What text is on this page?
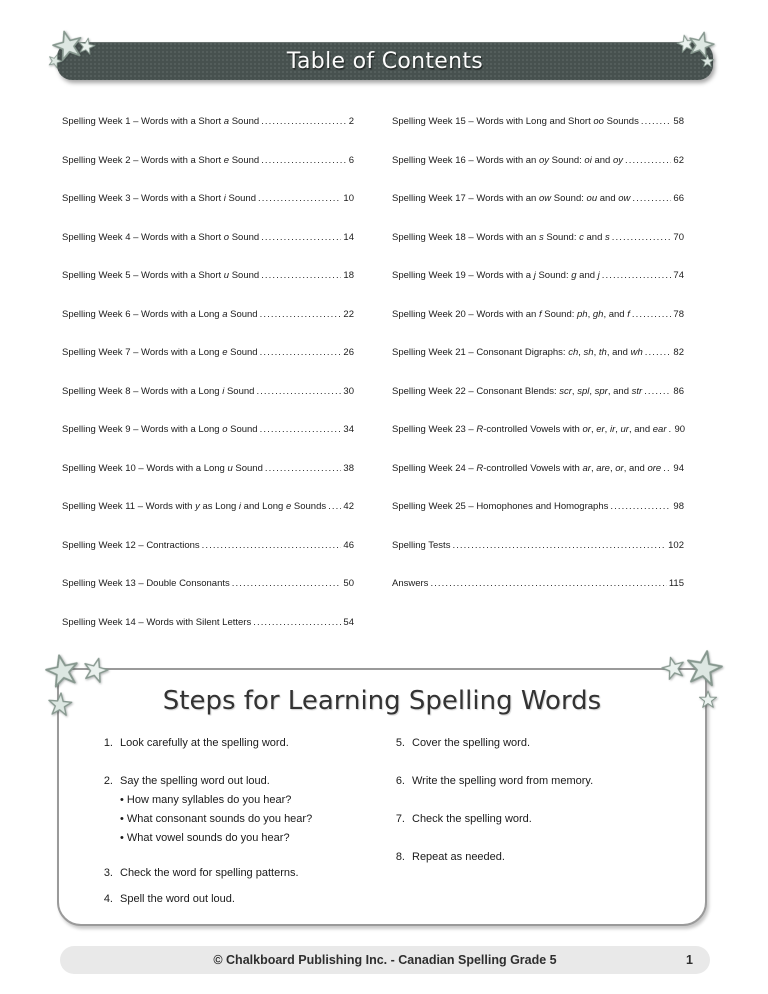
Table of Contents
Spelling Week 1 – Words with a Short a Sound .....	2
Spelling Week 2 – Words with a Short e Sound .....	6
Spelling Week 3 – Words with a Short i Sound .....	10
Spelling Week 4 – Words with a Short o Sound .....	14
Spelling Week 5 – Words with a Short u Sound .....	18
Spelling Week 6 – Words with a Long a Sound .....	22
Spelling Week 7 – Words with a Long e Sound .....	26
Spelling Week 8 – Words with a Long i Sound .....	30
Spelling Week 9 – Words with a Long o Sound .....	34
Spelling Week 10 – Words with a Long u Sound .....	38
Spelling Week 11 – Words with y as Long i and Long e Sounds ..... 42
Spelling Week 12 – Contractions .....	46
Spelling Week 13 – Double Consonants .....	50
Spelling Week 14 – Words with Silent Letters .....	54
Spelling Week 15 – Words with Long and Short oo Sounds .....	58
Spelling Week 16 – Words with an oy Sound: oi and oy .....	62
Spelling Week 17 – Words with an ow Sound: ou and ow .....	66
Spelling Week 18 – Words with an s Sound: c and s .....	70
Spelling Week 19 – Words with a j Sound: g and j .....	74
Spelling Week 20 – Words with an f Sound: ph, gh, and f .....	78
Spelling Week 21 – Consonant Digraphs: ch, sh, th, and wh .....	82
Spelling Week 22 – Consonant Blends: scr, spl, spr, and str .....	86
Spelling Week 23 – R-controlled Vowels with or, er, ir, ur, and ear ..... 90
Spelling Week 24 – R-controlled Vowels with ar, are, or, and ore ..... 94
Spelling Week 25 – Homophones and Homographs .....	98
Spelling Tests .....	102
Answers .....	115
Steps for Learning Spelling Words
1. Look carefully at the spelling word.
2. Say the spelling word out loud.
• How many syllables do you hear?
• What consonant sounds do you hear?
• What vowel sounds do you hear?
3. Check the word for spelling patterns.
4. Spell the word out loud.
5. Cover the spelling word.
6. Write the spelling word from memory.
7. Check the spelling word.
8. Repeat as needed.
© Chalkboard Publishing Inc. - Canadian Spelling Grade 5	1
